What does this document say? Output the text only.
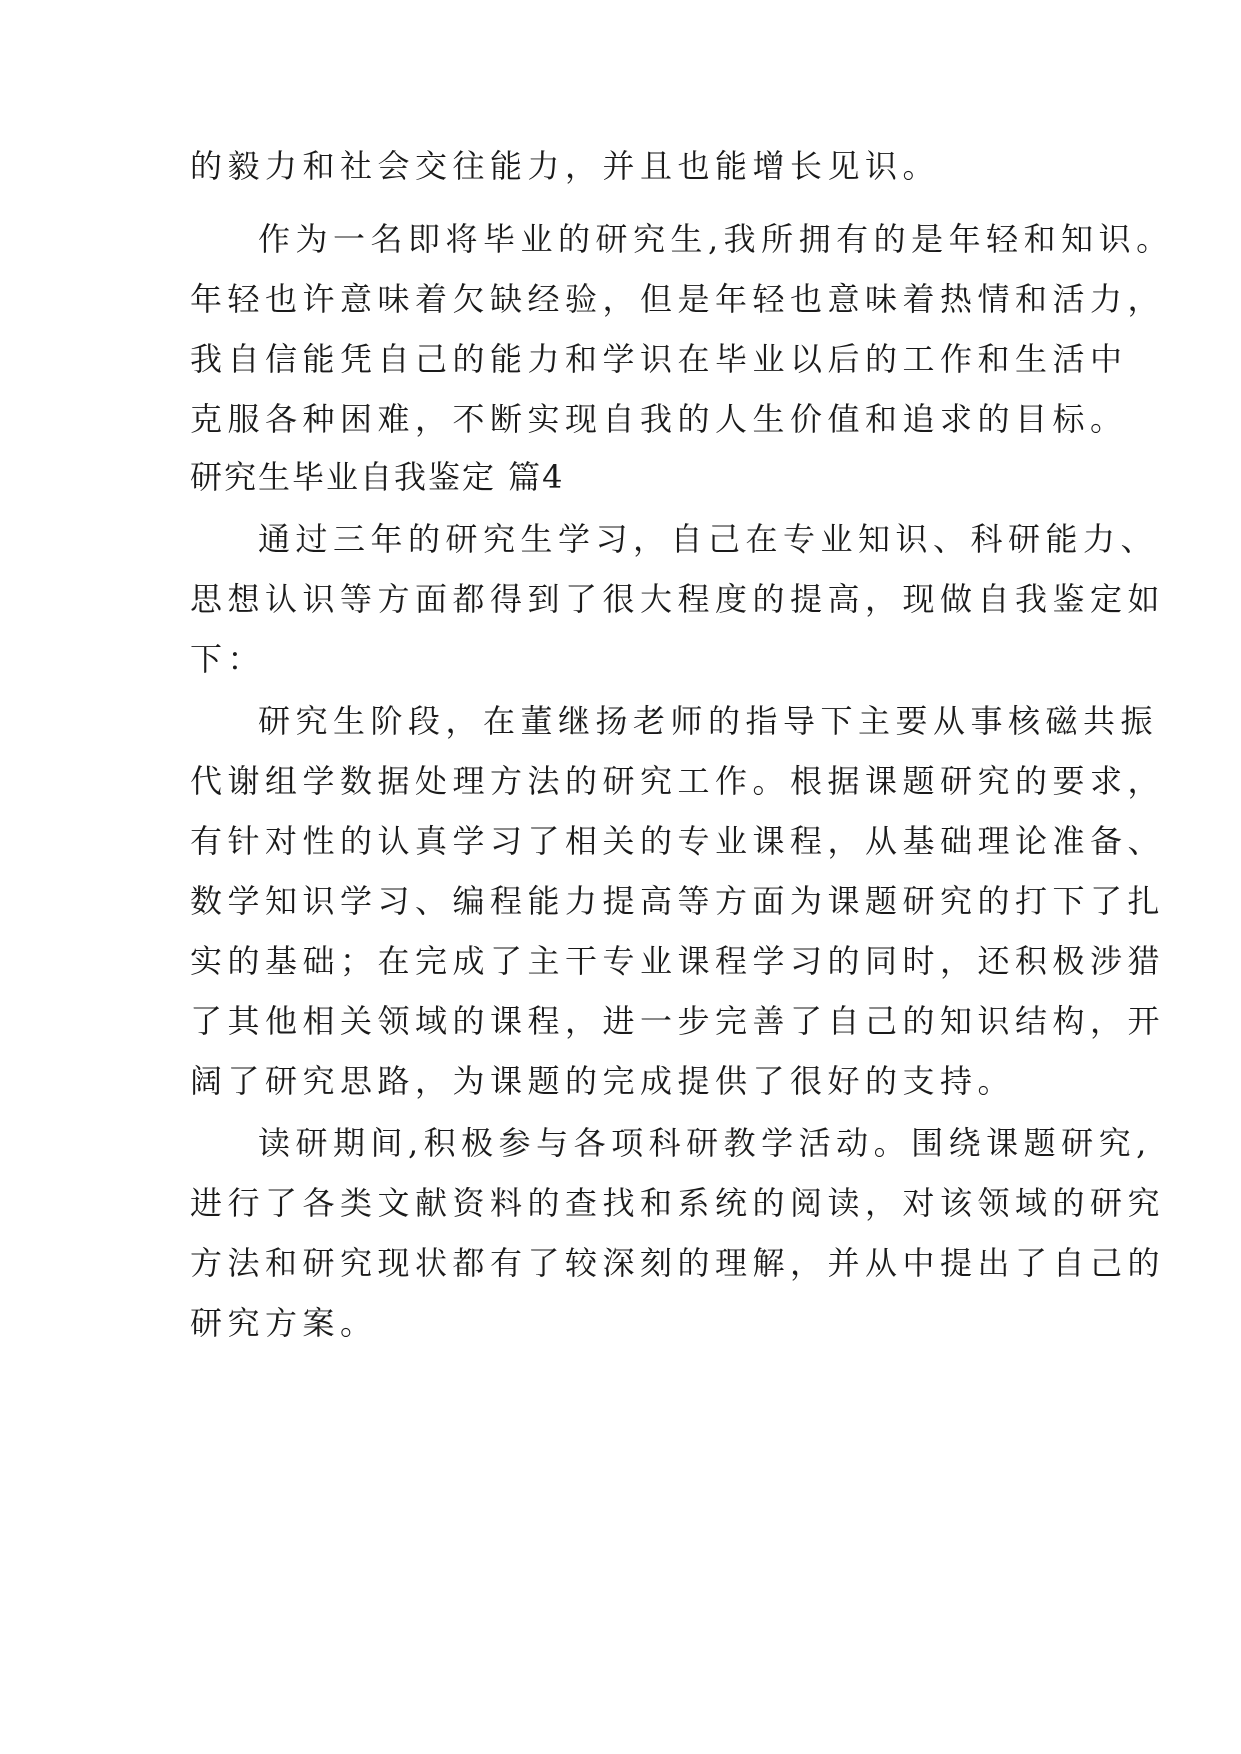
的毅力和社会交往能力，并且也能增长见识。
作为一名即将毕业的研究生,我所拥有的是年轻和知识。
年轻也许意味着欠缺经验，但是年轻也意味着热情和活力，
我自信能凭自己的能力和学识在毕业以后的工作和生活中
克服各种困难，不断实现自我的人生价值和追求的目标。
研究生毕业自我鉴定 篇4
通过三年的研究生学习，自己在专业知识、科研能力、
思想认识等方面都得到了很大程度的提高，现做自我鉴定如
下：
研究生阶段，在董继扬老师的指导下主要从事核磁共振
代谢组学数据处理方法的研究工作。根据课题研究的要求，
有针对性的认真学习了相关的专业课程，从基础理论准备、
数学知识学习、编程能力提高等方面为课题研究的打下了扎
实的基础；在完成了主干专业课程学习的同时，还积极涉猎
了其他相关领域的课程，进一步完善了自己的知识结构，开
阔了研究思路，为课题的完成提供了很好的支持。
读研期间,积极参与各项科研教学活动。围绕课题研究,
进行了各类文献资料的查找和系统的阅读，对该领域的研究
方法和研究现状都有了较深刻的理解，并从中提出了自己的
研究方案。
